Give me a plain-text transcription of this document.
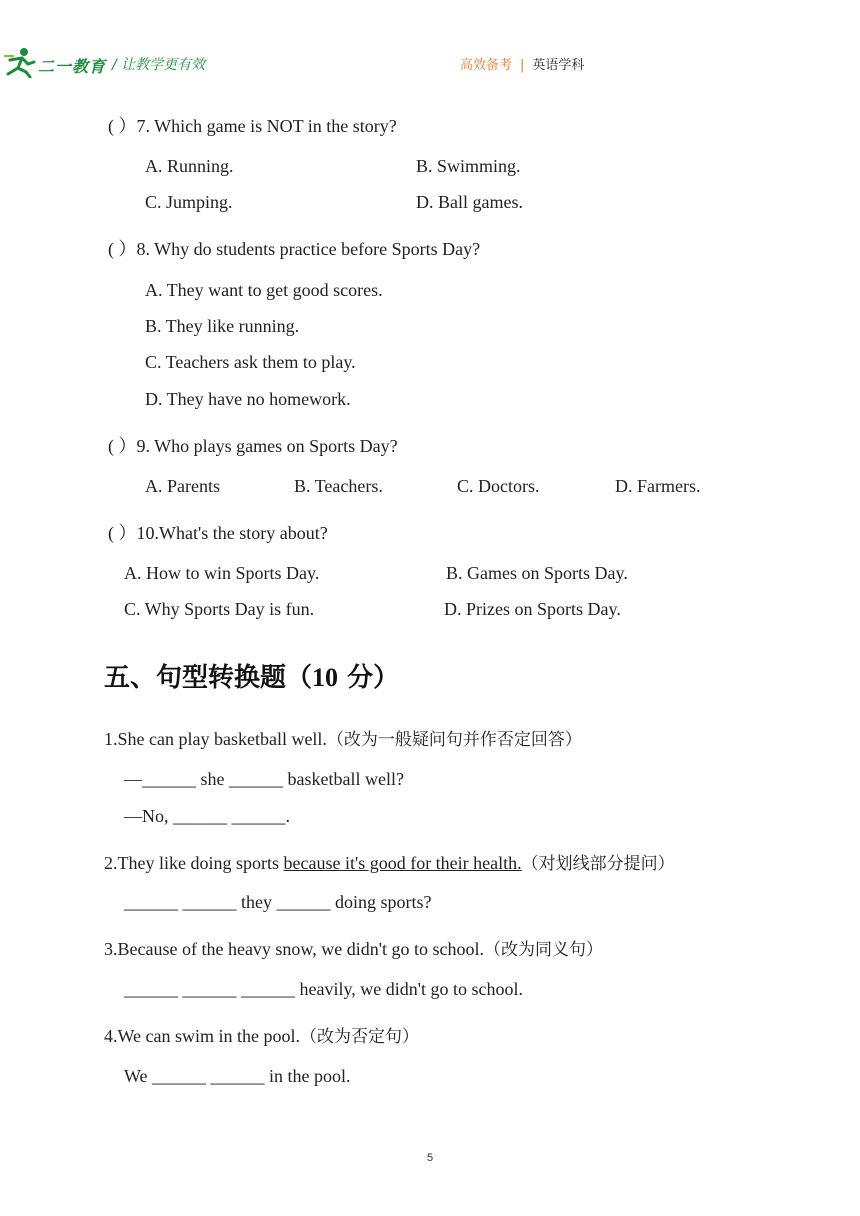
二一教育 / 让教学更有效	高效备考 | 英语学科
( ）7. Which game is NOT in the story?
A. Running.	B. Swimming.
C. Jumping.	D. Ball games.
( ）8. Why do students practice before Sports Day?
A. They want to get good scores.
B. They like running.
C. Teachers ask them to play.
D. They have no homework.
( ）9. Who plays games on Sports Day?
A. Parents	B. Teachers.	C. Doctors.	D. Farmers.
( ）10.What's the story about?
A. How to win Sports Day.	B. Games on Sports Day.
C. Why Sports Day is fun.	D. Prizes on Sports Day.
五、句型转换题（10 分）
1.She can play basketball well.（改为一般疑问句并作否定回答）
—______ she ______ basketball well?
—No, ______ ______.
2.They like doing sports because it's good for their health.（对划线部分提问）
______ ______ they ______ doing sports?
3.Because of the heavy snow, we didn't go to school.（改为同义句）
______ ______ ______ heavily, we didn't go to school.
4.We can swim in the pool.（改为否定句）
We ______ ______ in the pool.
5
